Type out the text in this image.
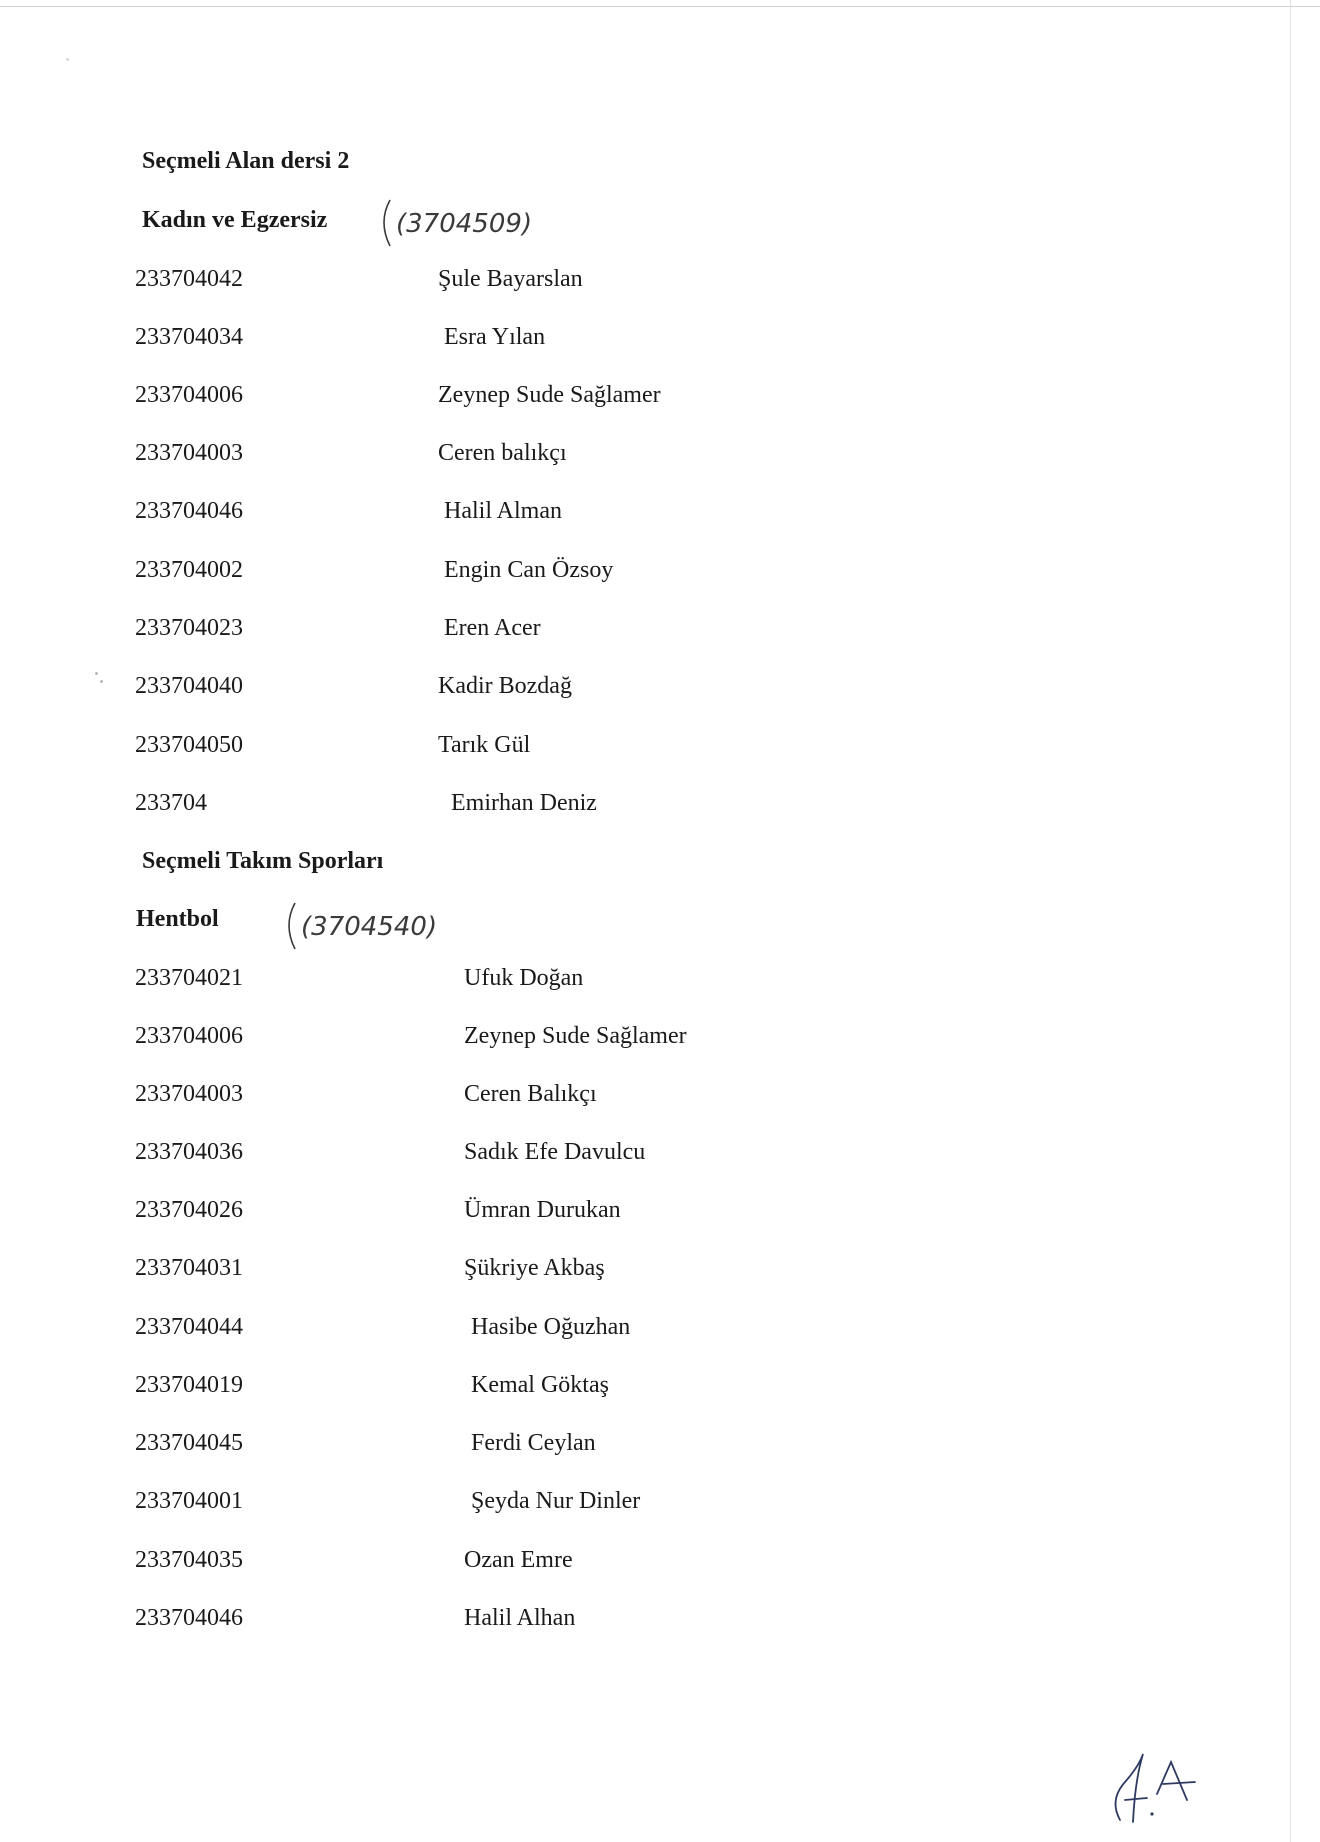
Seçmeli Alan dersi 2
Kadın ve Egzersiz	(3704509)
233704042	Şule Bayarslan
233704034	Esra Yılan
233704006	Zeynep Sude Sağlamer
233704003	Ceren balıkçı
233704046	Halil Alman
233704002	Engin Can Özsoy
233704023	Eren Acer
233704040	Kadir Bozdağ
233704050	Tarık Gül
233704	Emirhan Deniz
Seçmeli Takım Sporları
Hentbol	(3704540)
233704021	Ufuk Doğan
233704006	Zeynep Sude Sağlamer
233704003	Ceren Balıkçı
233704036	Sadık Efe Davulcu
233704026	Ümran Durukan
233704031	Şükriye Akbaş
233704044	Hasibe Oğuzhan
233704019	Kemal Göktaş
233704045	Ferdi Ceylan
233704001	Şeyda Nur Dinler
233704035	Ozan Emre
233704046	Halil Alhan
